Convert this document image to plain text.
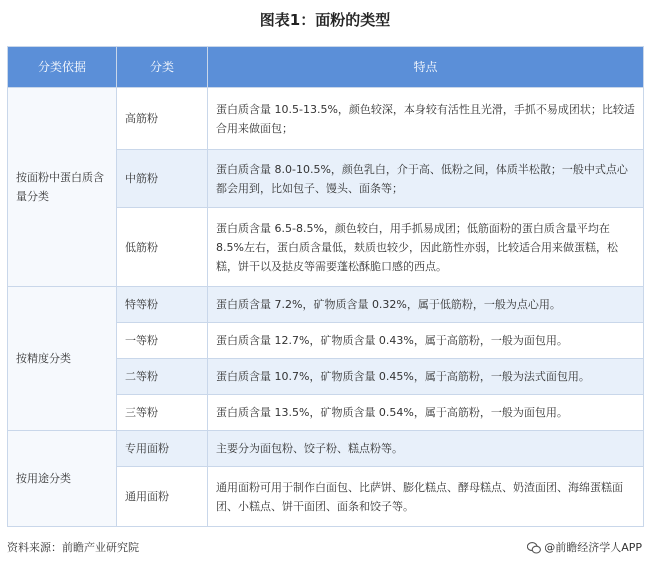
图表1：面粉的类型
分类依据	分类	特点
按面粉中蛋白质含量分类	高筋粉	蛋白质含量 10.5-13.5%，颜色较深，本身较有活性且光滑，手抓不易成团状；比较适合用来做面包；
	中筋粉	蛋白质含量 8.0-10.5%，颜色乳白，介于高、低粉之间，体质半松散；一般中式点心都会用到，比如包子、馒头、面条等；
	低筋粉	蛋白质含量 6.5-8.5%，颜色较白，用手抓易成团；低筋面粉的蛋白质含量平均在 8.5%左右，蛋白质含量低，麸质也较少，因此筋性亦弱，比较适合用来做蛋糕，松糕，饼干以及挞皮等需要蓬松酥脆口感的西点。
按精度分类	特等粉	蛋白质含量 7.2%，矿物质含量 0.32%，属于低筋粉，一般为点心用。
	一等粉	蛋白质含量 12.7%，矿物质含量 0.43%，属于高筋粉，一般为面包用。
	二等粉	蛋白质含量 10.7%，矿物质含量 0.45%，属于高筋粉，一般为法式面包用。
	三等粉	蛋白质含量 13.5%，矿物质含量 0.54%，属于高筋粉，一般为面包用。
按用途分类	专用面粉	主要分为面包粉、饺子粉、糕点粉等。
	通用面粉	通用面粉可用于制作白面包、比萨饼、膨化糕点、酵母糕点、奶渣面团、海绵蛋糕面团、小糕点、饼干面团、面条和饺子等。
资料来源：前瞻产业研究院	@前瞻经济学人APP
